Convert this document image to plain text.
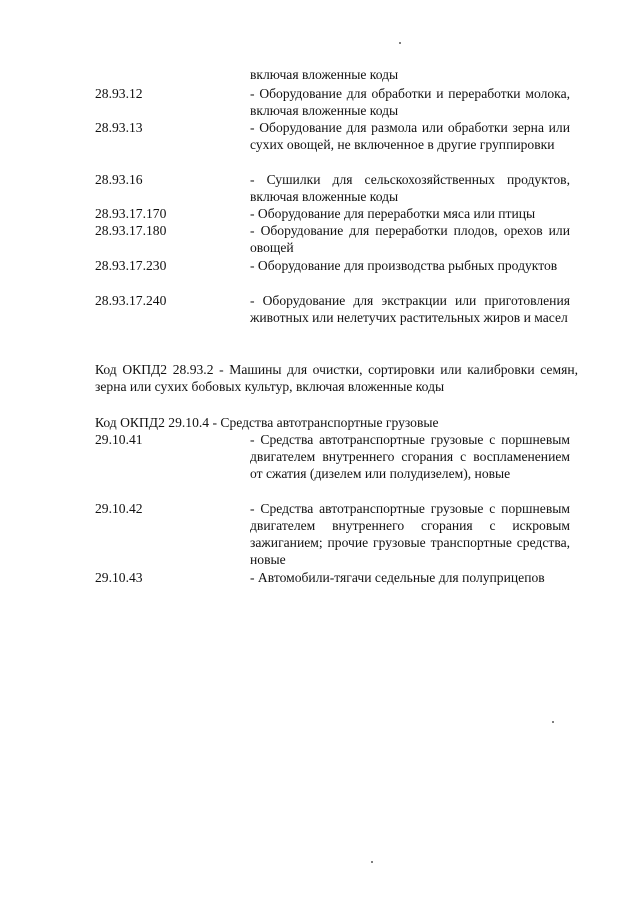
включая вложенные коды
28.93.12	- Оборудование для обработки и переработки молока, включая вложенные коды
28.93.13	- Оборудование для размола или обработки зерна или сухих овощей, не включенное в другие группировки
28.93.16	- Сушилки для сельскохозяйственных продуктов, включая вложенные коды
28.93.17.170	- Оборудование для переработки мяса или птицы
28.93.17.180	- Оборудование для переработки плодов, орехов или овощей
28.93.17.230	- Оборудование для производства рыбных продуктов
28.93.17.240	- Оборудование для экстракции или приготовления животных или нелетучих растительных жиров и масел
Код ОКПД2 28.93.2 - Машины для очистки, сортировки или калибровки семян, зерна или сухих бобовых культур, включая вложенные коды
Код ОКПД2 29.10.4 - Средства автотранспортные грузовые
29.10.41	- Средства автотранспортные грузовые с поршневым двигателем внутреннего сгорания с воспламенением от сжатия (дизелем или полудизелем), новые
29.10.42	- Средства автотранспортные грузовые с поршневым двигателем внутреннего сгорания с искровым зажиганием; прочие грузовые транспортные средства, новые
29.10.43	- Автомобили-тягачи седельные для полуприцепов
